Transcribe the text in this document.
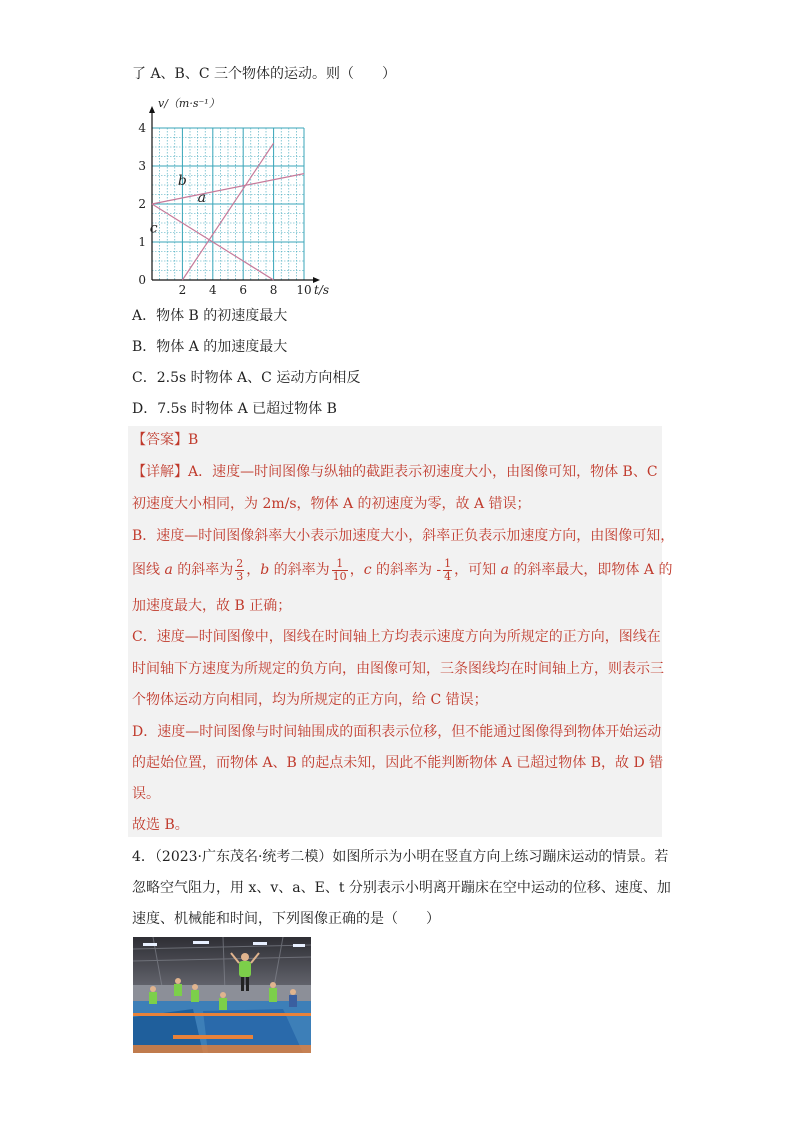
了 A、B、C 三个物体的运动。则（　　）
a
b
c
2 4 6 8 10
1
2
3
4
0
t/s
v/（m·s⁻¹）
A．物体 B 的初速度最大
B．物体 A 的加速度最大
C．2.5s 时物体 A、C 运动方向相反
D．7.5s 时物体 A 已超过物体 B
【答案】B
【详解】A．速度—时间图像与纵轴的截距表示初速度大小，由图像可知，物体 B、C
初速度大小相同，为 2m/s，物体 A 的初速度为零，故 A 错误；
B．速度—时间图像斜率大小表示加速度大小，斜率正负表示加速度方向，由图像可知，
图线 a 的斜率为 $\frac{2}{3}$ ，b 的斜率为 $\frac{1}{10}$ ，c 的斜率为 - $\frac{1}{4}$ ，可知 a 的斜率最大，即物体 A 的
加速度最大，故 B 正确；
C．速度—时间图像中，图线在时间轴上方均表示速度方向为所规定的正方向，图线在
时间轴下方速度为所规定的负方向，由图像可知，三条图线均在时间轴上方，则表示三
个物体运动方向相同，均为所规定的正方向，给 C 错误；
D．速度—时间图像与时间轴围成的面积表示位移，但不能通过图像得到物体开始运动
的起始位置，而物体 A、B 的起点未知，因此不能判断物体 A 已超过物体 B，故 D 错
误。
故选 B。
4．（2023·广东茂名·统考二模）如图所示为小明在竖直方向上练习蹦床运动的情景。若
忽略空气阻力，用 x、v、a、E、t 分别表示小明离开蹦床在空中运动的位移、速度、加
速度、机械能和时间，下列图像正确的是（　　）
